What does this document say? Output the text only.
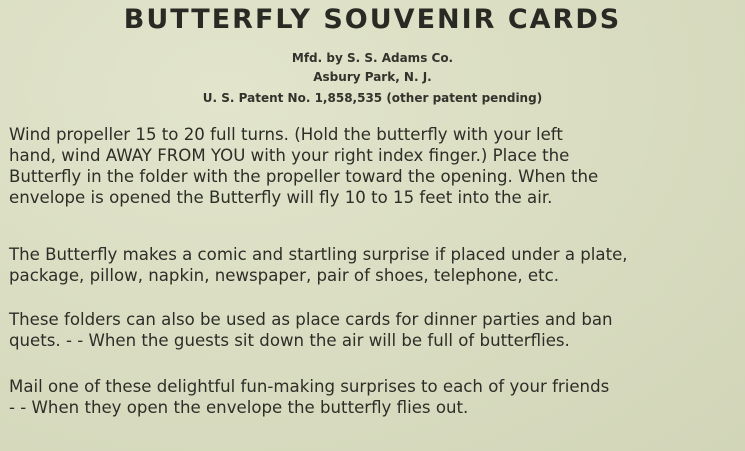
BUTTERFLY SOUVENIR CARDS
Mfd. by S. S. Adams Co.
Asbury Park, N. J.
U. S. Patent No. 1,858,535 (other patent pending)
Wind propeller 15 to 20 full turns. (Hold the butterfly with your left
hand, wind AWAY FROM YOU with your right index finger.) Place the
Butterfly in the folder with the propeller toward the opening. When the
envelope is opened the Butterfly will fly 10 to 15 feet into the air.
The Butterfly makes a comic and startling surprise if placed under a plate,
package, pillow, napkin, newspaper, pair of shoes, telephone, etc.
These folders can also be used as place cards for dinner parties and ban
quets. - - When the guests sit down the air will be full of butterflies.
Mail one of these delightful fun-making surprises to each of your friends
- - When they open the envelope the butterfly flies out.
